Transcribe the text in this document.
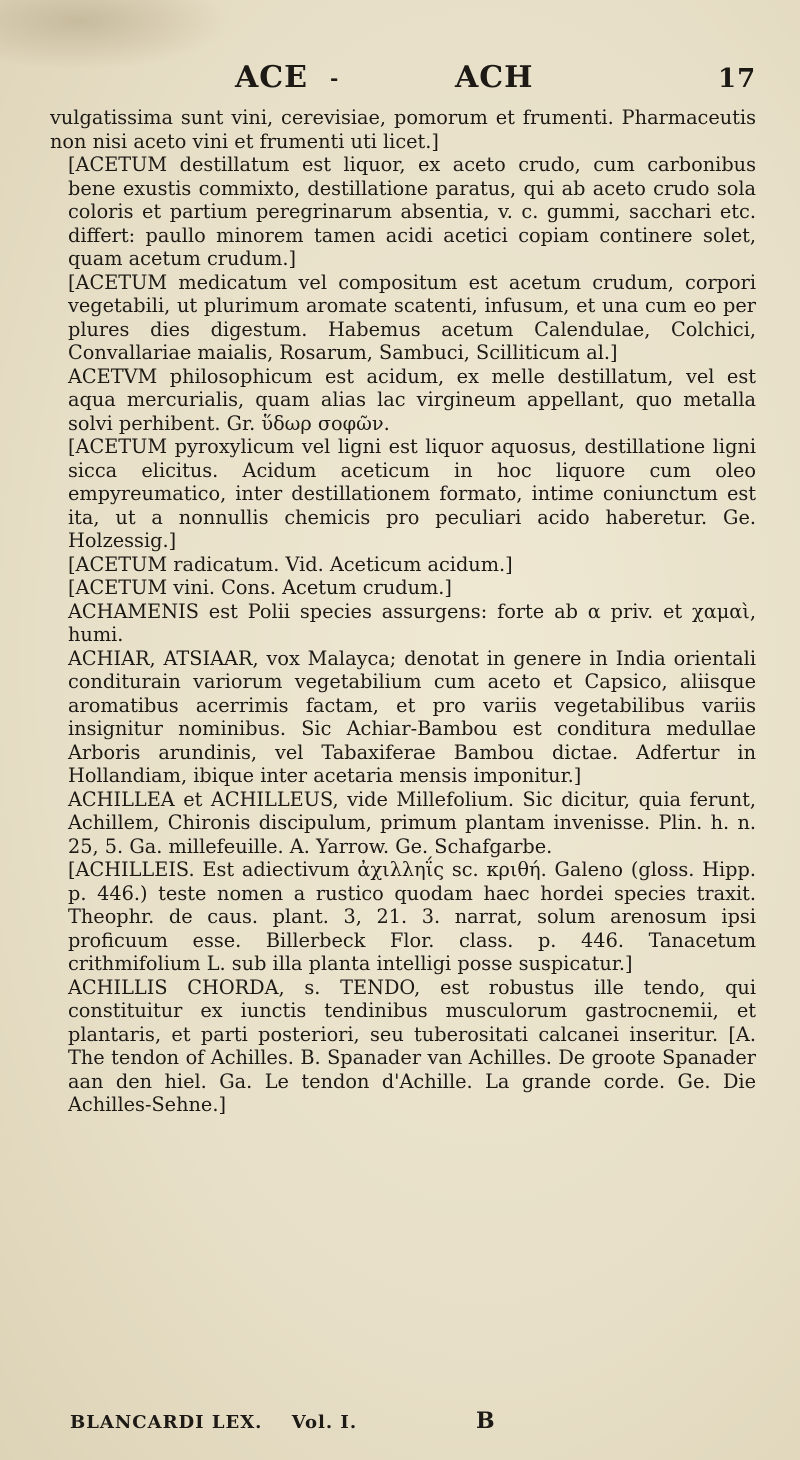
ACE -	ACH	17

vulgatissima sunt vini, cerevisiae, pomorum et frumenti. Pharmaceutis non nisi aceto vini et frumenti uti licet.]

[ACETUM destillatum est liquor, ex aceto crudo, cum carbonibus bene exustis commixto, destillatione paratus, qui ab aceto crudo sola coloris et partium peregrinarum absentia, v. c. gummi, sacchari etc. differt: paullo minorem tamen acidi acetici copiam continere solet, quam acetum crudum.]

[ACETUM medicatum vel compositum est acetum crudum, corpori vegetabili, ut plurimum aromate scatenti, infusum, et una cum eo per plures dies digestum. Habemus acetum Calendulae, Colchici, Convallariae maialis, Rosarum, Sambuci, Scilliticum al.]

ACETVM philosophicum est acidum, ex melle destillatum, vel est aqua mercurialis, quam alias lac virgineum appellant, quo metalla solvi perhibent. Gr. ὕδωρ σοφῶν.

[ACETUM pyroxylicum vel ligni est liquor aquosus, destillatione ligni sicca elicitus. Acidum aceticum in hoc liquore cum oleo empyreumatico, inter destillationem formato, intime coniunctum est ita, ut a nonnullis chemicis pro peculiari acido haberetur. Ge. Holzessig.]

[ACETUM radicatum. Vid. Aceticum acidum.]

[ACETUM vini. Cons. Acetum crudum.]

ACHAMENIS est Polii species assurgens: forte ab α priv. et χαμαὶ, humi.

ACHIAR, ATSIAAR, vox Malayca; denotat in genere in India orientali conditurain variorum vegetabilium cum aceto et Capsico, aliisque aromatibus acerrimis factam, et pro variis vegetabilibus variis insignitur nominibus. Sic Achiar-Bambou est conditura medullae Arboris arundinis, vel Tabaxiferae Bambou dictae. Adfertur in Hollandiam, ibique inter acetaria mensis imponitur.]

ACHILLEA et ACHILLEUS, vide Millefolium. Sic dicitur, quia ferunt, Achillem, Chironis discipulum, primum plantam invenisse. Plin. h. n. 25, 5. Ga. millefeuille. A. Yarrow. Ge. Schafgarbe.

[ACHILLEIS. Est adiectivum ἀχιλληΐς sc. κριθή. Galeno (gloss. Hipp. p. 446.) teste nomen a rustico quodam haec hordei species traxit. Theophr. de caus. plant. 3, 21. 3. narrat, solum arenosum ipsi proficuum esse. Billerbeck Flor. class. p. 446. Tanacetum crithmifolium L. sub illa planta intelligi posse suspicatur.]

ACHILLIS CHORDA, s. TENDO, est robustus ille tendo, qui constituitur ex iunctis tendinibus musculorum gastrocnemii, et plantaris, et parti posteriori, seu tuberositati calcanei inseritur. [A. The tendon of Achilles. B. Spanader van Achilles. De groote Spanader aan den hiel. Ga. Le tendon d'Achille. La grande corde. Ge. Die Achilles-Sehne.]

BLANCARDI LEX. Vol. I.	B
